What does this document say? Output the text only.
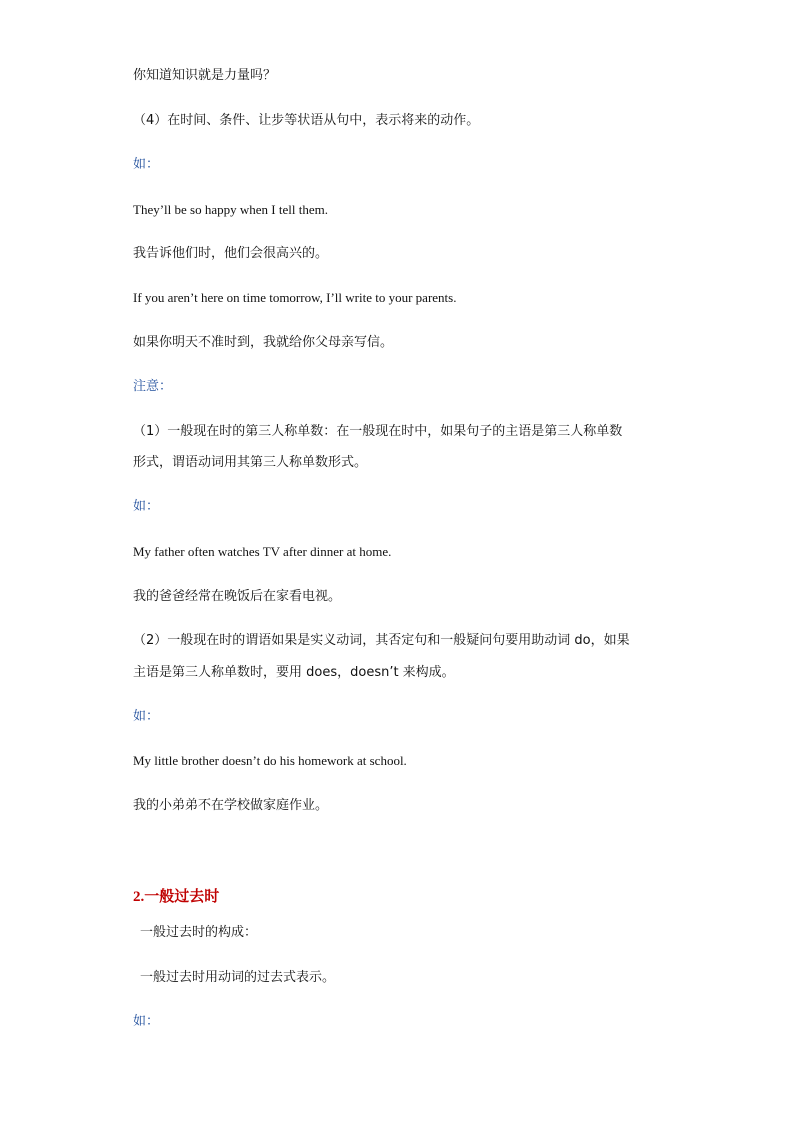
你知道知识就是力量吗？
（4）在时间、条件、让步等状语从句中，表示将来的动作。
如：
They’ll be so happy when I tell them.
我告诉他们时，他们会很高兴的。
If you aren’t here on time tomorrow, I’ll write to your parents.
如果你明天不准时到，我就给你父母亲写信。
注意：
（1）一般现在时的第三人称单数：在一般现在时中，如果句子的主语是第三人称单数
形式，谓语动词用其第三人称单数形式。
如：
My father often watches TV after dinner at home.
我的爸爸经常在晚饭后在家看电视。
（2）一般现在时的谓语如果是实义动词，其否定句和一般疑问句要用助动词 do，如果
主语是第三人称单数时，要用 does，doesn’t 来构成。
如：
My little brother doesn’t do his homework at school.
我的小弟弟不在学校做家庭作业。
2.一般过去时
一般过去时的构成：
一般过去时用动词的过去式表示。
如：
